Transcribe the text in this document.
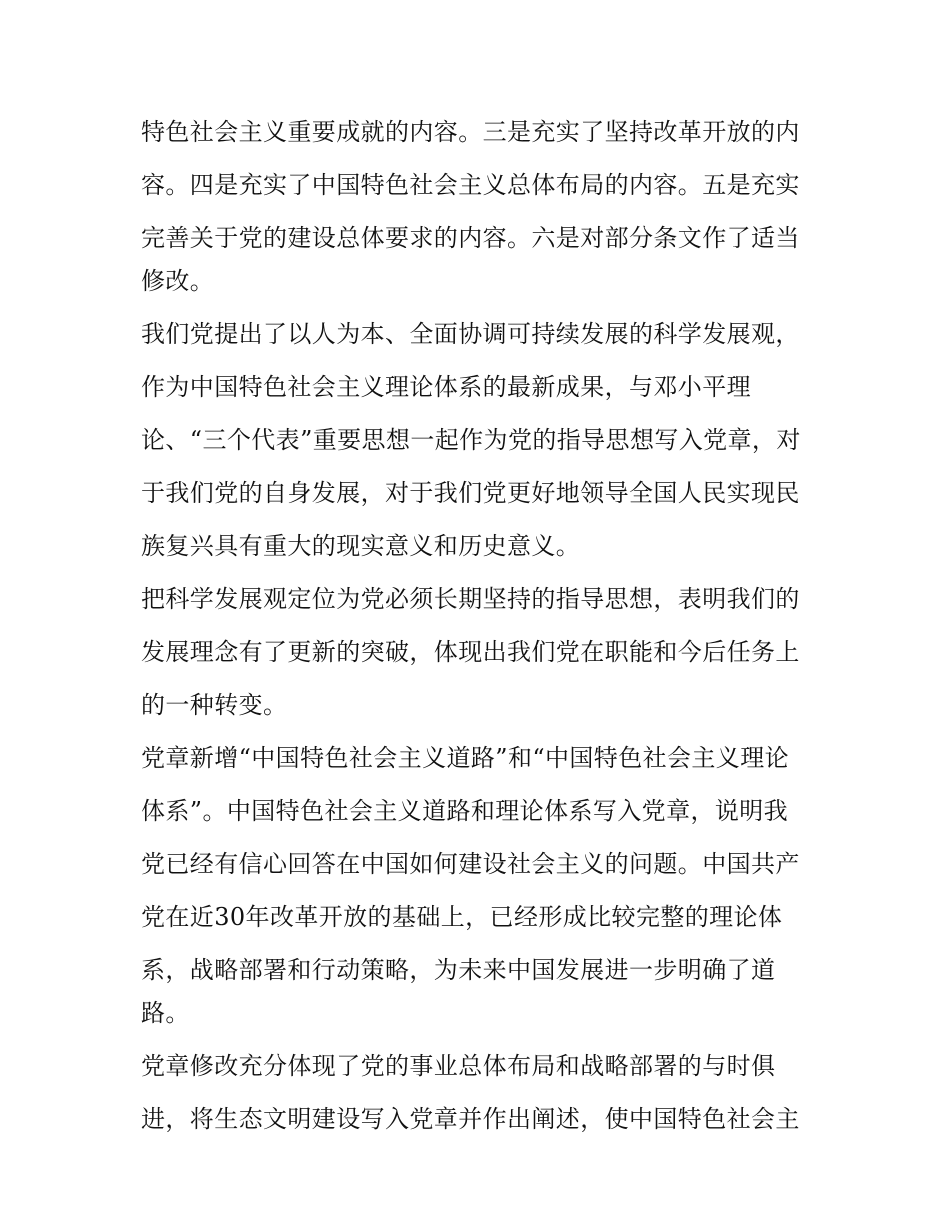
特色社会主义重要成就的内容。三是充实了坚持改革开放的内
容。四是充实了中国特色社会主义总体布局的内容。五是充实
完善关于党的建设总体要求的内容。六是对部分条文作了适当
修改。
我们党提出了以人为本、全面协调可持续发展的科学发展观，
作为中国特色社会主义理论体系的最新成果，与邓小平理
论、“三个代表”重要思想一起作为党的指导思想写入党章，对
于我们党的自身发展，对于我们党更好地领导全国人民实现民
族复兴具有重大的现实意义和历史意义。
把科学发展观定位为党必须长期坚持的指导思想，表明我们的
发展理念有了更新的突破，体现出我们党在职能和今后任务上
的一种转变。
党章新增“中国特色社会主义道路”和“中国特色社会主义理论
体系”。中国特色社会主义道路和理论体系写入党章，说明我
党已经有信心回答在中国如何建设社会主义的问题。中国共产
党在近30年改革开放的基础上，已经形成比较完整的理论体
系，战略部署和行动策略，为未来中国发展进一步明确了道
路。
党章修改充分体现了党的事业总体布局和战略部署的与时俱
进，将生态文明建设写入党章并作出阐述，使中国特色社会主
